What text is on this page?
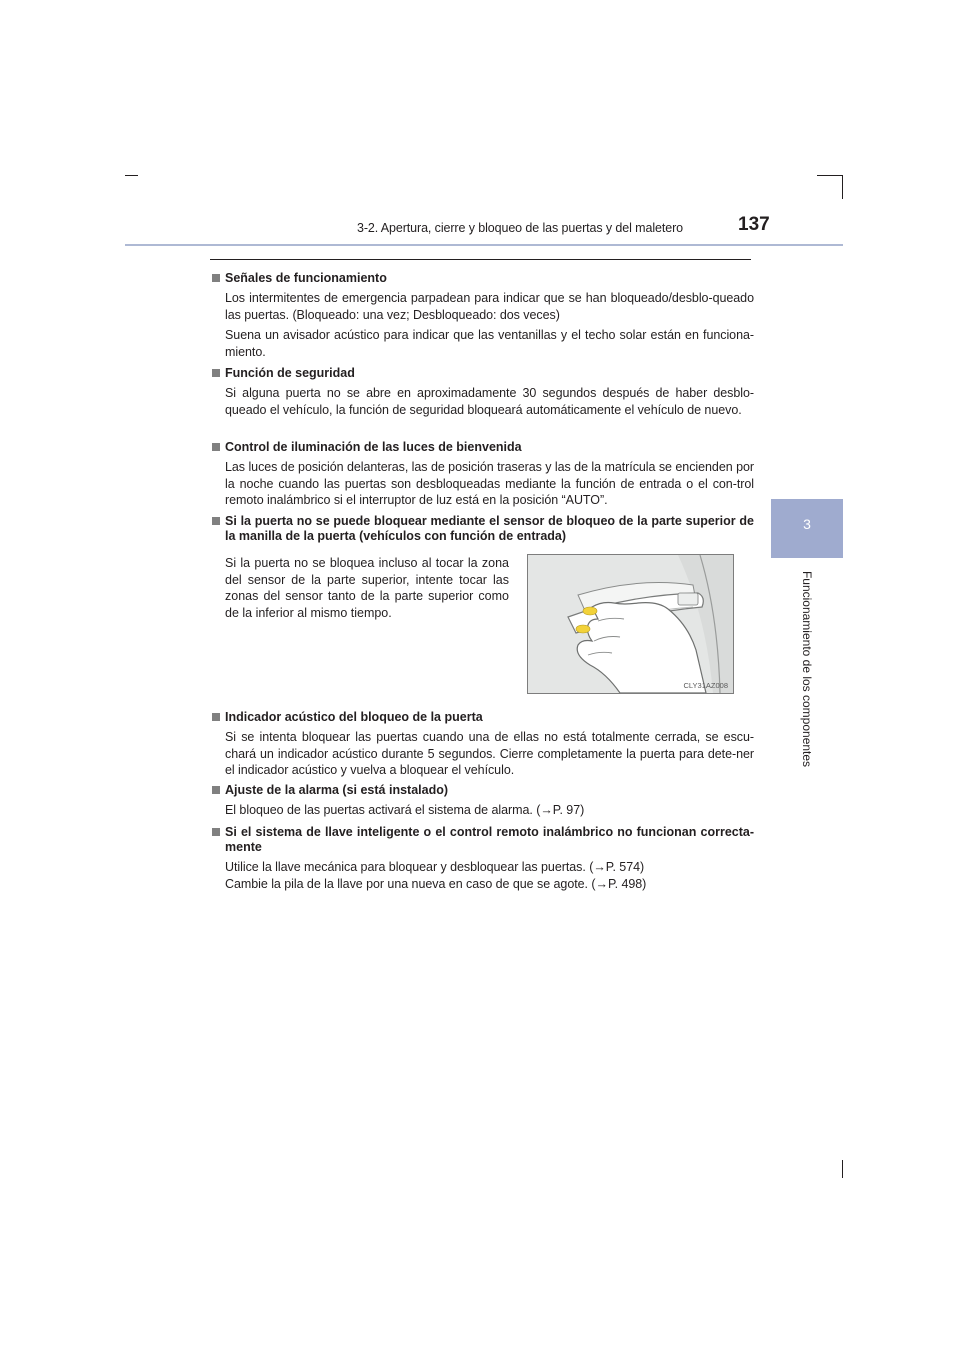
3-2. Apertura, cierre y bloqueo de las puertas y del maletero	137
3
Funcionamiento de los componentes
Señales de funcionamiento
Los intermitentes de emergencia parpadean para indicar que se han bloqueado/desblo-queado las puertas. (Bloqueado: una vez; Desbloqueado: dos veces)
Suena un avisador acústico para indicar que las ventanillas y el techo solar están en funciona-miento.
Función de seguridad
Si alguna puerta no se abre en aproximadamente 30 segundos después de haber desblo-queado el vehículo, la función de seguridad bloqueará automáticamente el vehículo de nuevo.
Control de iluminación de las luces de bienvenida
Las luces de posición delanteras, las de posición traseras y las de la matrícula se encienden por la noche cuando las puertas son desbloqueadas mediante la función de entrada o el con-trol remoto inalámbrico si el interruptor de luz está en la posición “AUTO”.
Si la puerta no se puede bloquear mediante el sensor de bloqueo de la parte superior de la manilla de la puerta (vehículos con función de entrada)
Si la puerta no se bloquea incluso al tocar la zona del sensor de la parte superior, intente tocar las zonas del sensor tanto de la parte superior como de la inferior al mismo tiempo.
CLY31AZ008
Indicador acústico del bloqueo de la puerta
Si se intenta bloquear las puertas cuando una de ellas no está totalmente cerrada, se escu-chará un indicador acústico durante 5 segundos. Cierre completamente la puerta para dete-ner el indicador acústico y vuelva a bloquear el vehículo.
Ajuste de la alarma (si está instalado)
El bloqueo de las puertas activará el sistema de alarma. (→P. 97)
Si el sistema de llave inteligente o el control remoto inalámbrico no funcionan correcta-mente
Utilice la llave mecánica para bloquear y desbloquear las puertas. (→P. 574)
Cambie la pila de la llave por una nueva en caso de que se agote. (→P. 498)
